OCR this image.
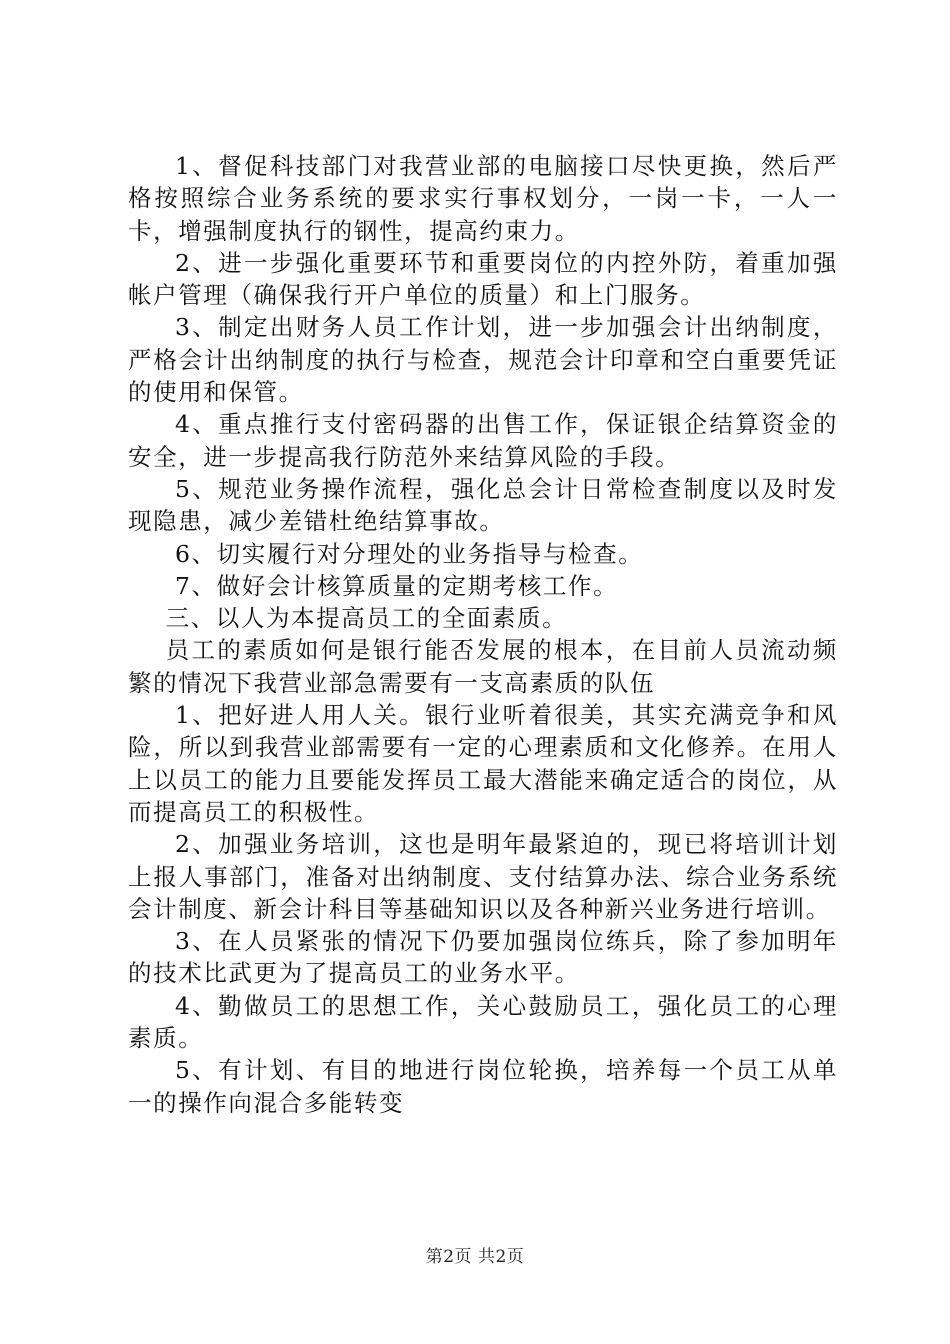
1、督促科技部门对我营业部的电脑接口尽快更换，然后严格按照综合业务系统的要求实行事权划分，一岗一卡，一人一卡，增强制度执行的钢性，提高约束力。

2、进一步强化重要环节和重要岗位的内控外防，着重加强帐户管理（确保我行开户单位的质量）和上门服务。

3、制定出财务人员工作计划，进一步加强会计出纳制度，严格会计出纳制度的执行与检查，规范会计印章和空白重要凭证的使用和保管。

4、重点推行支付密码器的出售工作，保证银企结算资金的安全，进一步提高我行防范外来结算风险的手段。

5、规范业务操作流程，强化总会计日常检查制度以及时发现隐患，减少差错杜绝结算事故。

6、切实履行对分理处的业务指导与检查。

7、做好会计核算质量的定期考核工作。

三、以人为本提高员工的全面素质。

员工的素质如何是银行能否发展的根本，在目前人员流动频繁的情况下我营业部急需要有一支高素质的队伍

1、把好进人用人关。银行业听着很美，其实充满竞争和风险，所以到我营业部需要有一定的心理素质和文化修养。在用人上以员工的能力且要能发挥员工最大潜能来确定适合的岗位，从而提高员工的积极性。

2、加强业务培训，这也是明年最紧迫的，现已将培训计划上报人事部门，准备对出纳制度、支付结算办法、综合业务系统会计制度、新会计科目等基础知识以及各种新兴业务进行培训。

3、在人员紧张的情况下仍要加强岗位练兵，除了参加明年的技术比武更为了提高员工的业务水平。

4、勤做员工的思想工作，关心鼓励员工，强化员工的心理素质。

5、有计划、有目的地进行岗位轮换，培养每一个员工从单一的操作向混合多能转变

第2页 共2页
